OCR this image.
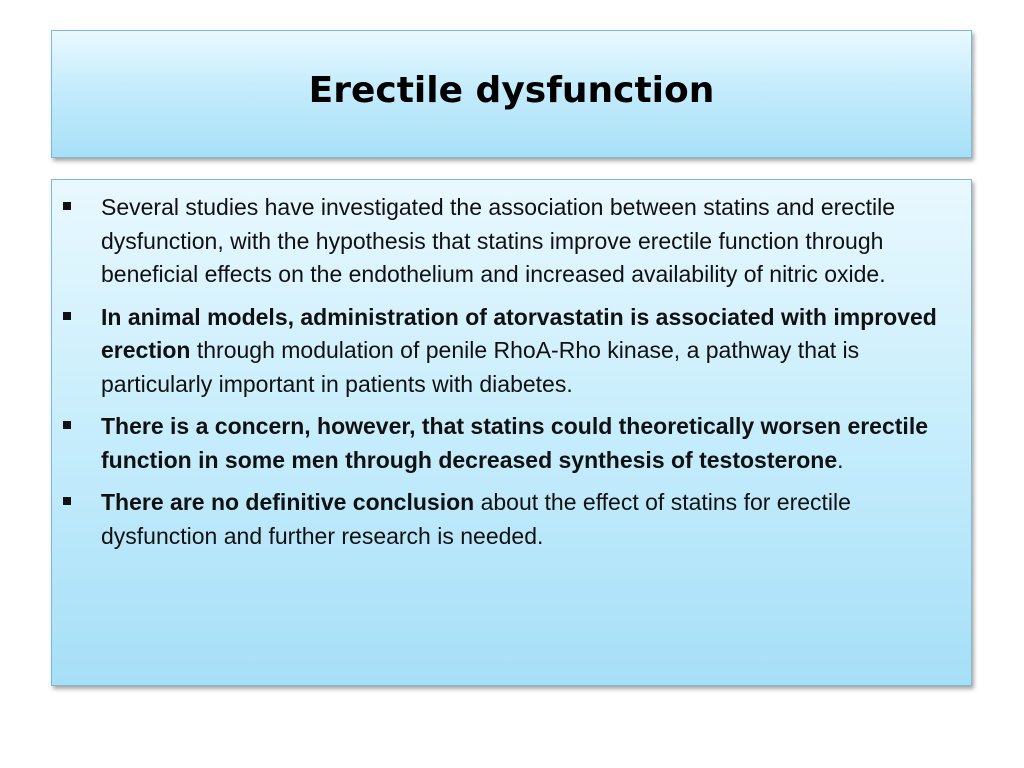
Erectile dysfunction
Several studies have investigated the association between statins and erectile dysfunction, with the hypothesis that statins improve erectile function through beneficial effects on the endothelium and increased availability of nitric oxide.
In animal models, administration of atorvastatin is associated with improved erection through modulation of penile RhoA-Rho kinase, a pathway that is particularly important in patients with diabetes.
There is a concern, however, that statins could theoretically worsen erectile function in some men through decreased synthesis of testosterone.
There are no definitive conclusion about the effect of statins for erectile dysfunction and further research is needed.
